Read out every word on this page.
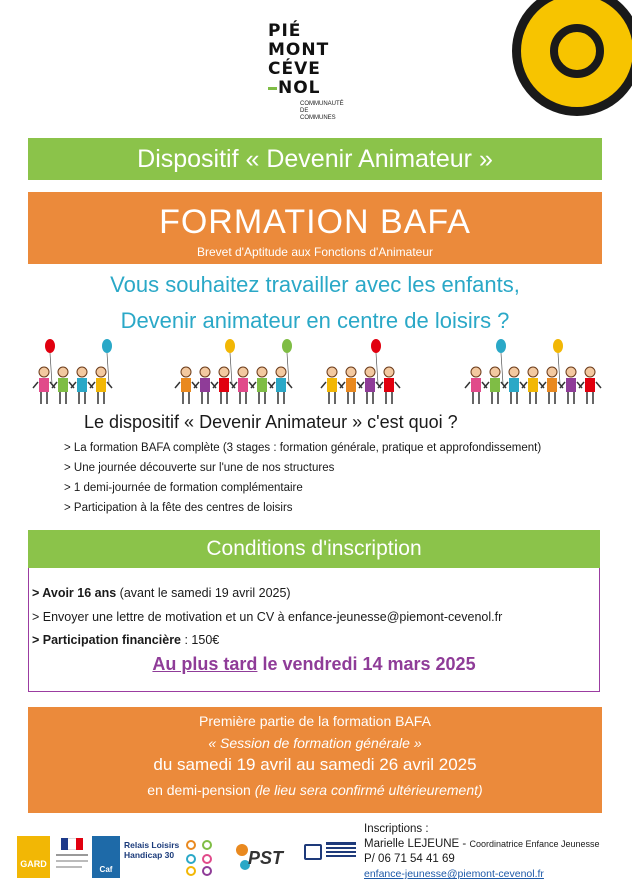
PIÉ
MONT
CÉVE
NOL
COMMUNAUTÉ
DE
COMMUNES
Dispositif « Devenir Animateur »
FORMATION BAFA
Brevet d'Aptitude aux Fonctions d'Animateur
Vous souhaitez travailler avec les enfants,
Devenir animateur en centre de loisirs ?
Le dispositif « Devenir Animateur » c'est quoi ?
> La formation BAFA complète (3 stages : formation générale, pratique et approfondissement)
> Une journée découverte sur l'une de nos structures
> 1 demi-journée de formation complémentaire
> Participation à la fête des centres de loisirs
Conditions d'inscription
> Avoir 16 ans (avant le samedi 19 avril 2025)
> Envoyer une lettre de motivation et un CV à enfance-jeunesse@piemont-cevenol.fr
> Participation financière : 150€
Au plus tard le vendredi 14 mars 2025
Première partie de la formation BAFA
« Session de formation générale »
du samedi 19 avril au samedi 26 avril 2025
en demi-pension (le lieu sera confirmé ultérieurement)
GARD
Caf
Relais Loisirs
Handicap 30	PST
Inscriptions :
Marielle LEJEUNE - Coordinatrice Enfance Jeunesse
P/ 06 71 54 41 69
enfance-jeunesse@piemont-cevenol.fr
